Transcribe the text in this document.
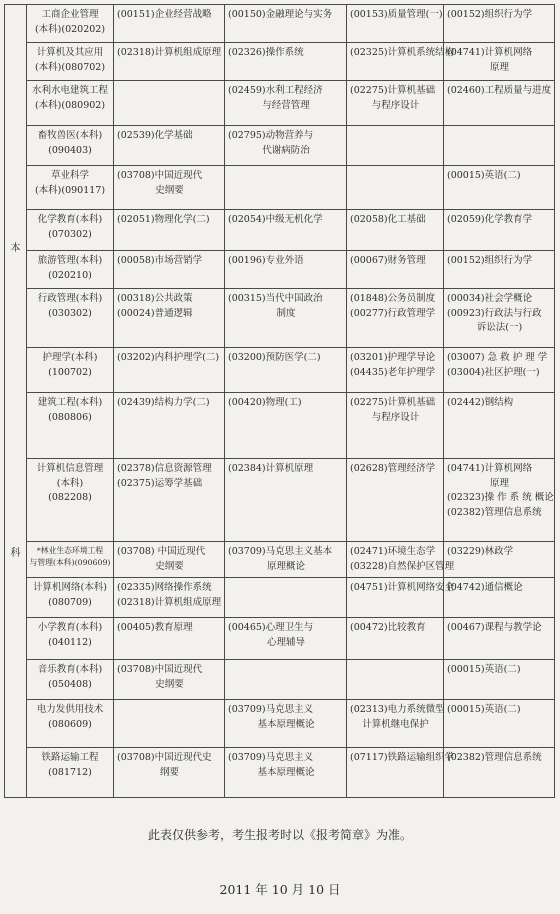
本
科	工商企业管理
(本科)(020202)	(00151)企业经营战略	(00150)金融理论与实务	(00153)质量管理(一)	(00152)组织行为学

	计算机及其应用
(本科)(080702)	(02318)计算机组成原理	(02326)操作系统	(02325)计算机系统结构	(04741)计算机网络
原理

	水利水电建筑工程
(本科)(080902)		(02459)水利工程经济
与经营管理	(02275)计算机基础
与程序设计	(02460)工程质量与进度

	畜牧兽医(本科)
(090403)	(02539)化学基础	(02795)动物营养与
代谢病防治		

	草业科学
(本科)(090117)	(03708)中国近现代
史纲要			(00015)英语(二)

	化学教育(本科)
(070302)	(02051)物理化学(二)	(02054)中级无机化学	(02058)化工基础	(02059)化学教育学

	旅游管理(本科)
(020210)	(00058)市场营销学	(00196)专业外语	(00067)财务管理	(00152)组织行为学

	行政管理(本科)
(030302)	(00318)公共政策
(00024)普通逻辑	(00315)当代中国政治
制度	(01848)公务员制度
(00277)行政管理学	(00034)社会学概论
(00923)行政法与行政
诉讼法(一)

	护理学(本科)
(100702)	(03202)内科护理学(二)	(03200)预防医学(二)	(03201)护理学导论
(04435)老年护理学	(03007) 急 救 护 理 学
(03004)社区护理(一)

	建筑工程(本科)
(080806)	(02439)结构力学(二)	(00420)物理(工)	(02275)计算机基础
与程序设计	(02442)钢结构

	计算机信息管理
(本科)
(082208)	(02378)信息资源管理
(02375)运筹学基础	(02384)计算机原理	(02628)管理经济学	(04741)计算机网络
原理
(02323)操 作 系 统 概论
(02382)管理信息系统

	*林业生态环境工程
与管理(本科)(090609)	(03708) 中国近现代
史纲要	(03709)马克思主义基本
原理概论	(02471)环境生态学
(03228)自然保护区管理	(03229)林政学

	计算机网络(本科)
(080709)	(02335)网络操作系统
(02318)计算机组成原理		(04751)计算机网络安全	(04742)通信概论

	小学教育(本科)
(040112)	(00405)教育原理	(00465)心理卫生与
心理辅导	(00472)比较教育	(00467)课程与教学论

	音乐教育(本科)
(050408)	(03708)中国近现代
史纲要			(00015)英语(二)

	电力发供用技术
(080609)		(03709)马克思主义
基本原理概论	(02313)电力系统微型
计算机继电保护	(00015)英语(二)

	铁路运输工程
(081712)	(03708)中国近现代史
纲要	(03709)马克思主义
基本原理概论	(07117)铁路运输组织学	(02382)管理信息系统
此表仅供参考，考生报考时以《报考简章》为准。
2011 年 10 月 10 日
